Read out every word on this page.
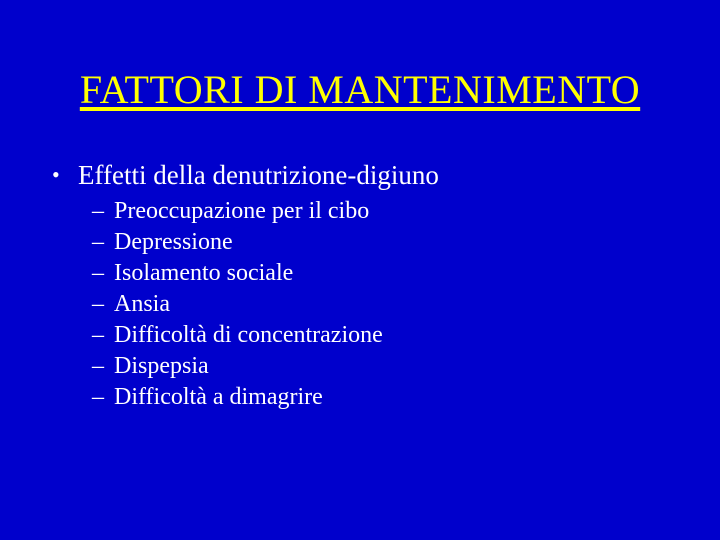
FATTORI DI MANTENIMENTO
• Effetti della denutrizione-digiuno
– Preoccupazione per il cibo
– Depressione
– Isolamento sociale
– Ansia
– Difficoltà di concentrazione
– Dispepsia
– Difficoltà a dimagrire
